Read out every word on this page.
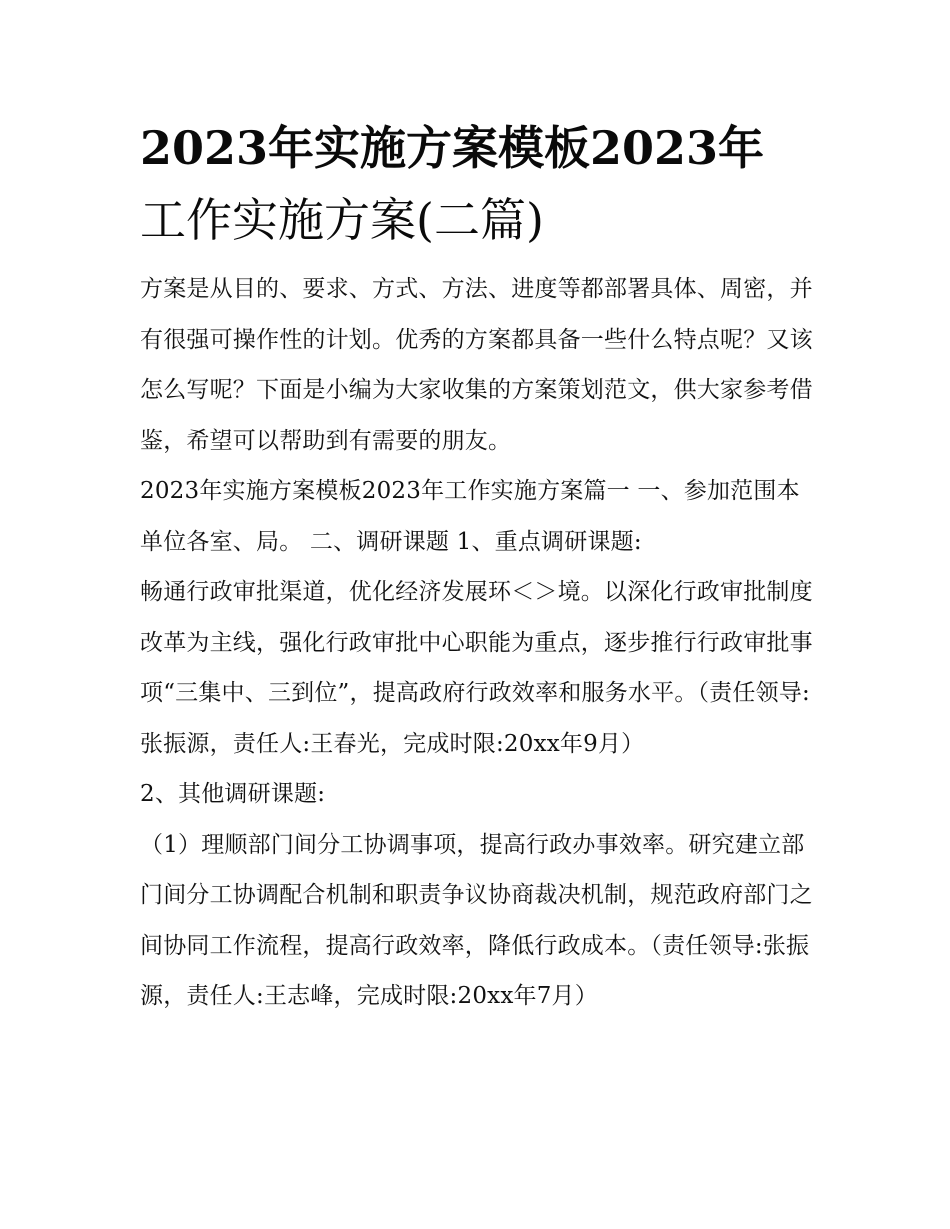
2023年实施方案模板2023年
工作实施方案(二篇)

方案是从目的、要求、方式、方法、进度等都部署具体、周密，并有很强可操作性的计划。优秀的方案都具备一些什么特点呢？又该怎么写呢？下面是小编为大家收集的方案策划范文，供大家参考借鉴，希望可以帮助到有需要的朋友。

2023年实施方案模板2023年工作实施方案篇一 一、参加范围本单位各室、局。 二、调研课题 1、重点调研课题:

畅通行政审批渠道，优化经济发展环＜＞境。以深化行政审批制度改革为主线，强化行政审批中心职能为重点，逐步推行行政审批事项“三集中、三到位”，提高政府行政效率和服务水平。（责任领导:张振源，责任人:王春光，完成时限:20xx年9月）

2、其他调研课题:

（1）理顺部门间分工协调事项，提高行政办事效率。研究建立部门间分工协调配合机制和职责争议协商裁决机制，规范政府部门之间协同工作流程，提高行政效率，降低行政成本。（责任领导:张振源，责任人:王志峰，完成时限:20xx年7月）
